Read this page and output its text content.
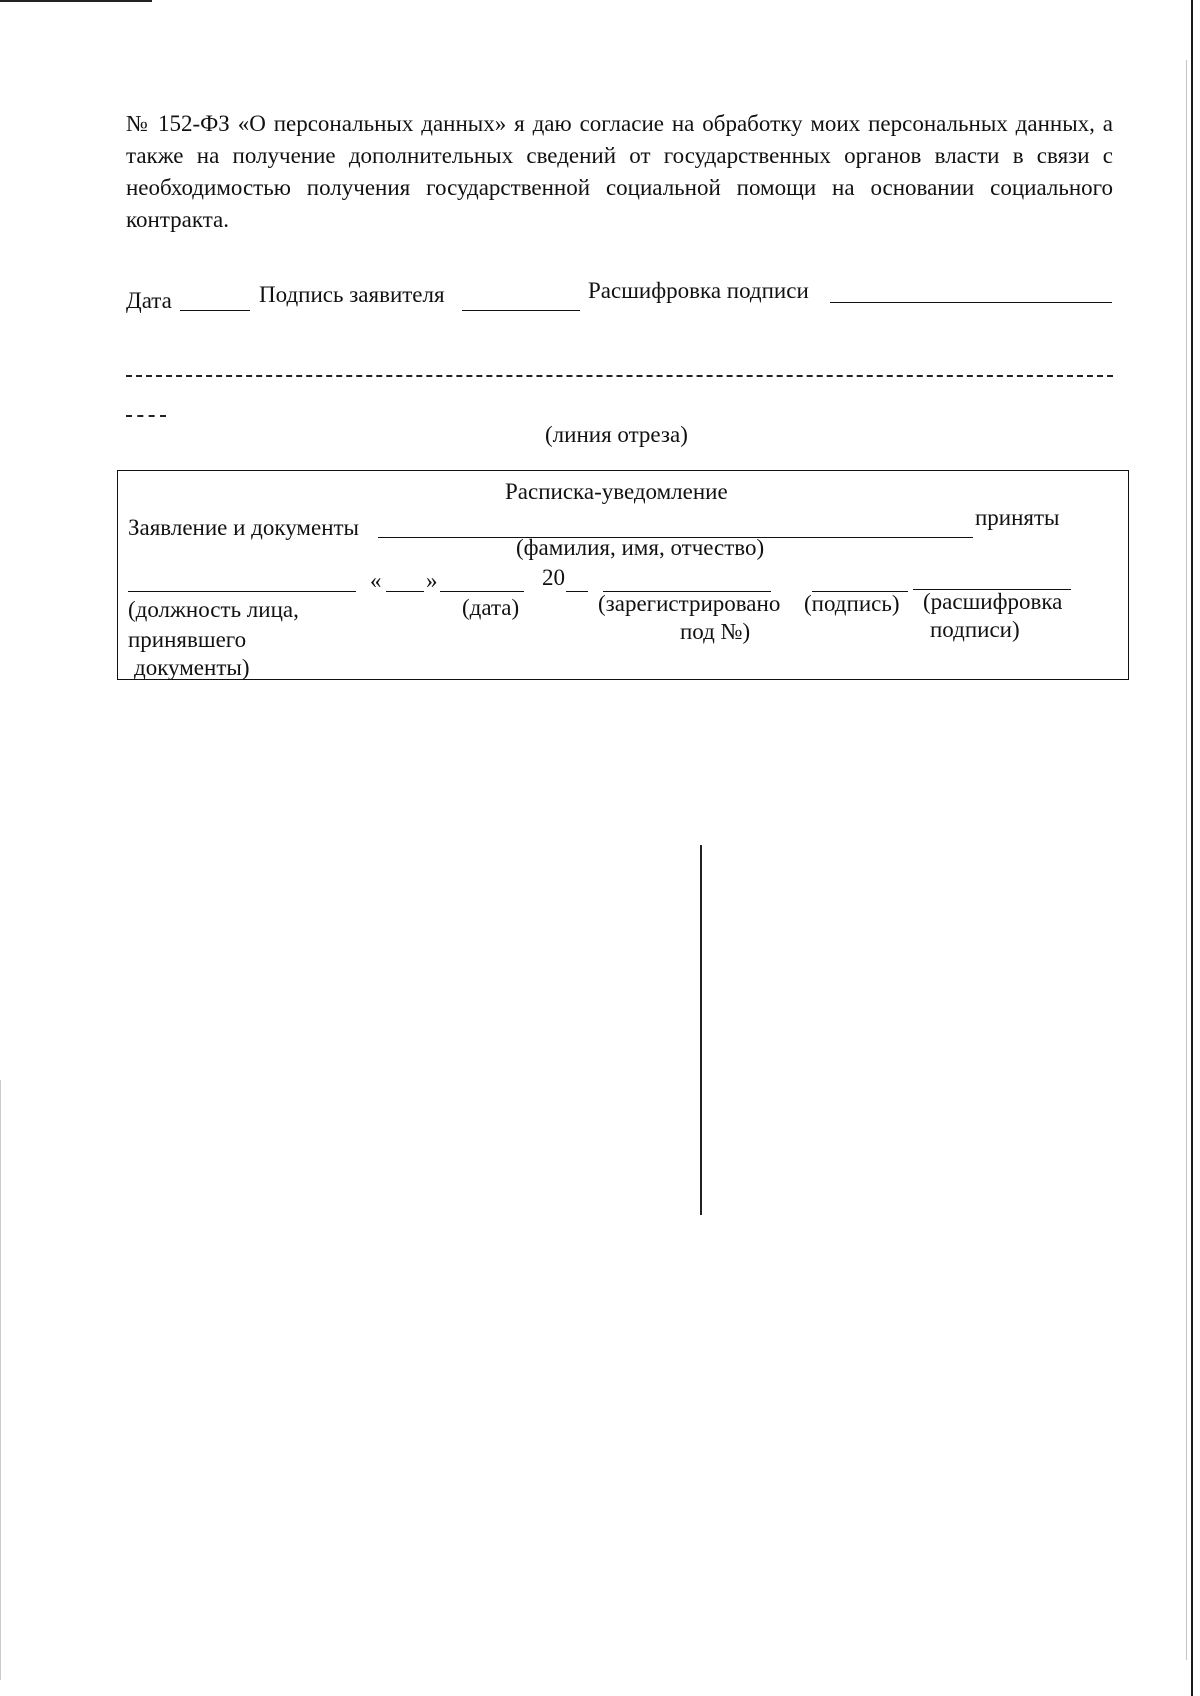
№ 152-ФЗ «О персональных данных» я даю согласие на обработку моих персональных данных, а также на получение дополнительных сведений от государственных органов власти в связи с необходимостью получения государственной социальной помощи на основании социального контракта.

Дата	Подпись заявителя	Расшифровка подписи
(линия отреза)
Расписка-уведомление
Заявление и документы	приняты
(фамилия, имя, отчество)
« »	20
(должность лица,
принявшего
документы)
(дата)	(зарегистрировано
под №)
(подпись) (расшифровка
подписи)
